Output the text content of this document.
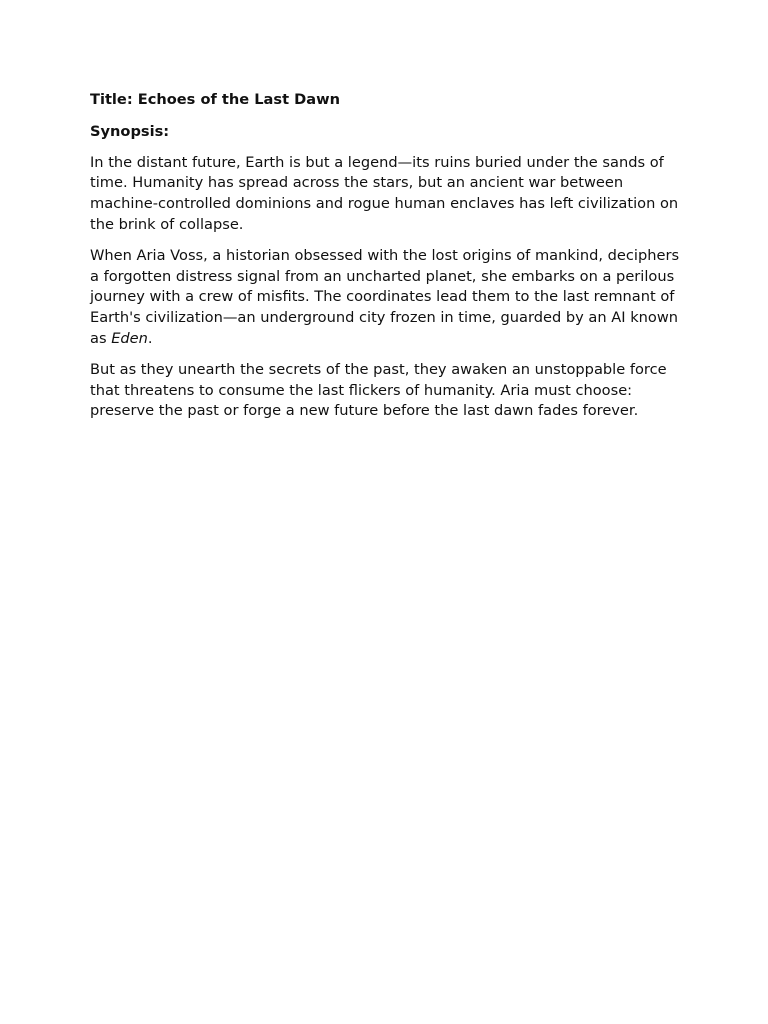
Title: Echoes of the Last Dawn

Synopsis:

In the distant future, Earth is but a legend—its ruins buried under the sands of time. Humanity has spread across the stars, but an ancient war between machine-controlled dominions and rogue human enclaves has left civilization on the brink of collapse.

When Aria Voss, a historian obsessed with the lost origins of mankind, deciphers a forgotten distress signal from an uncharted planet, she embarks on a perilous journey with a crew of misfits. The coordinates lead them to the last remnant of Earth's civilization—an underground city frozen in time, guarded by an AI known as Eden.

But as they unearth the secrets of the past, they awaken an unstoppable force that threatens to consume the last flickers of humanity. Aria must choose: preserve the past or forge a new future before the last dawn fades forever.
